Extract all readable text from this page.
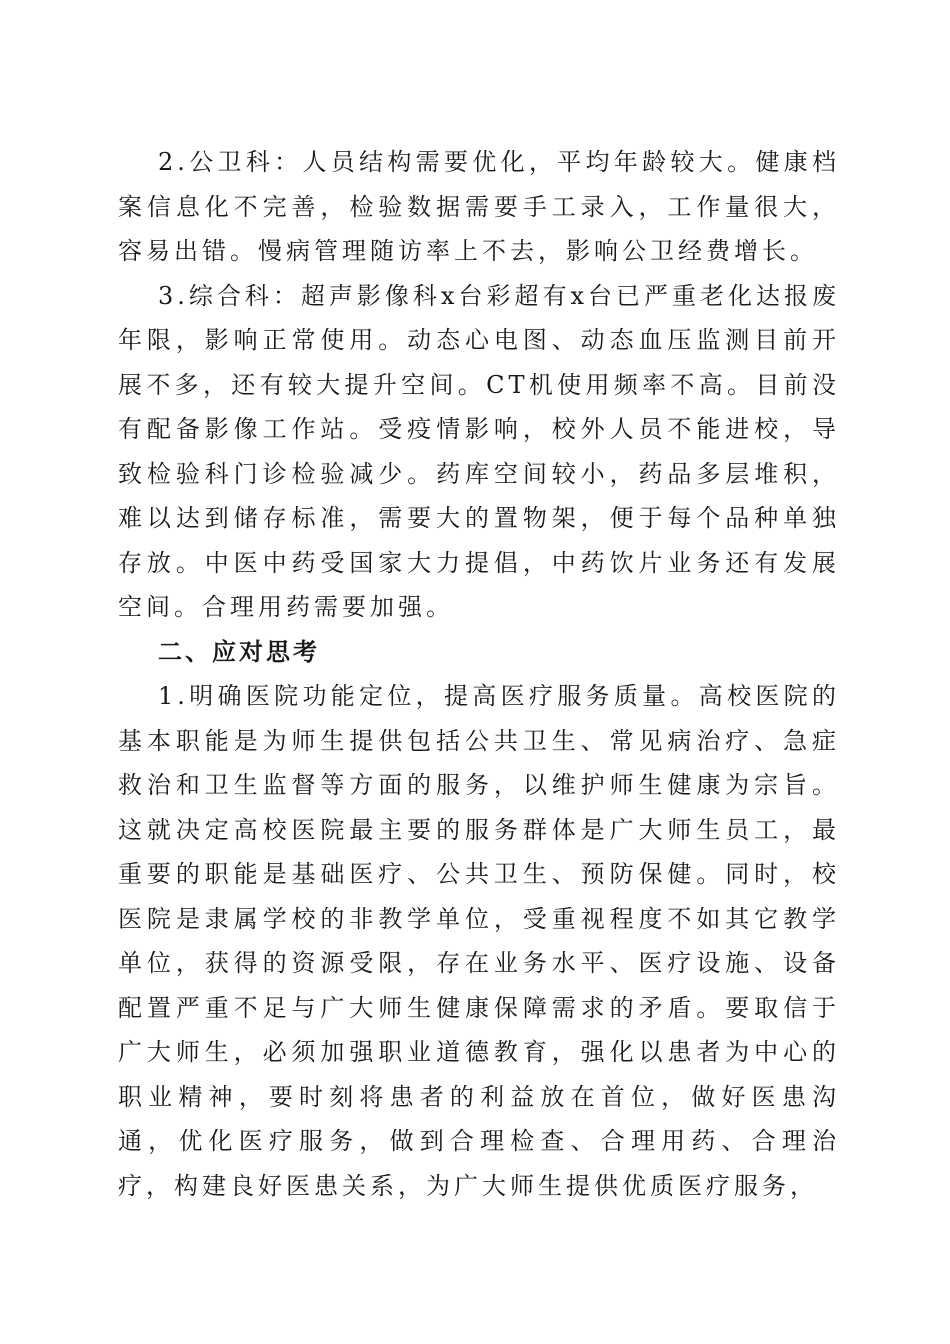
2.公卫科：人员结构需要优化，平均年龄较大。健康档案信息化不完善，检验数据需要手工录入，工作量很大，容易出错。慢病管理随访率上不去，影响公卫经费增长。

3.综合科：超声影像科x台彩超有x台已严重老化达报废年限，影响正常使用。动态心电图、动态血压监测目前开展不多，还有较大提升空间。CT机使用频率不高。目前没有配备影像工作站。受疫情影响，校外人员不能进校，导致检验科门诊检验减少。药库空间较小，药品多层堆积，难以达到储存标准，需要大的置物架，便于每个品种单独存放。中医中药受国家大力提倡，中药饮片业务还有发展空间。合理用药需要加强。

二、应对思考

1.明确医院功能定位，提高医疗服务质量。高校医院的基本职能是为师生提供包括公共卫生、常见病治疗、急症救治和卫生监督等方面的服务，以维护师生健康为宗旨。这就决定高校医院最主要的服务群体是广大师生员工，最重要的职能是基础医疗、公共卫生、预防保健。同时，校医院是隶属学校的非教学单位，受重视程度不如其它教学单位，获得的资源受限，存在业务水平、医疗设施、设备配置严重不足与广大师生健康保障需求的矛盾。要取信于广大师生，必须加强职业道德教育，强化以患者为中心的职业精神，要时刻将患者的利益放在首位，做好医患沟通，优化医疗服务，做到合理检查、合理用药、合理治疗，构建良好医患关系，为广大师生提供优质医疗服务，
